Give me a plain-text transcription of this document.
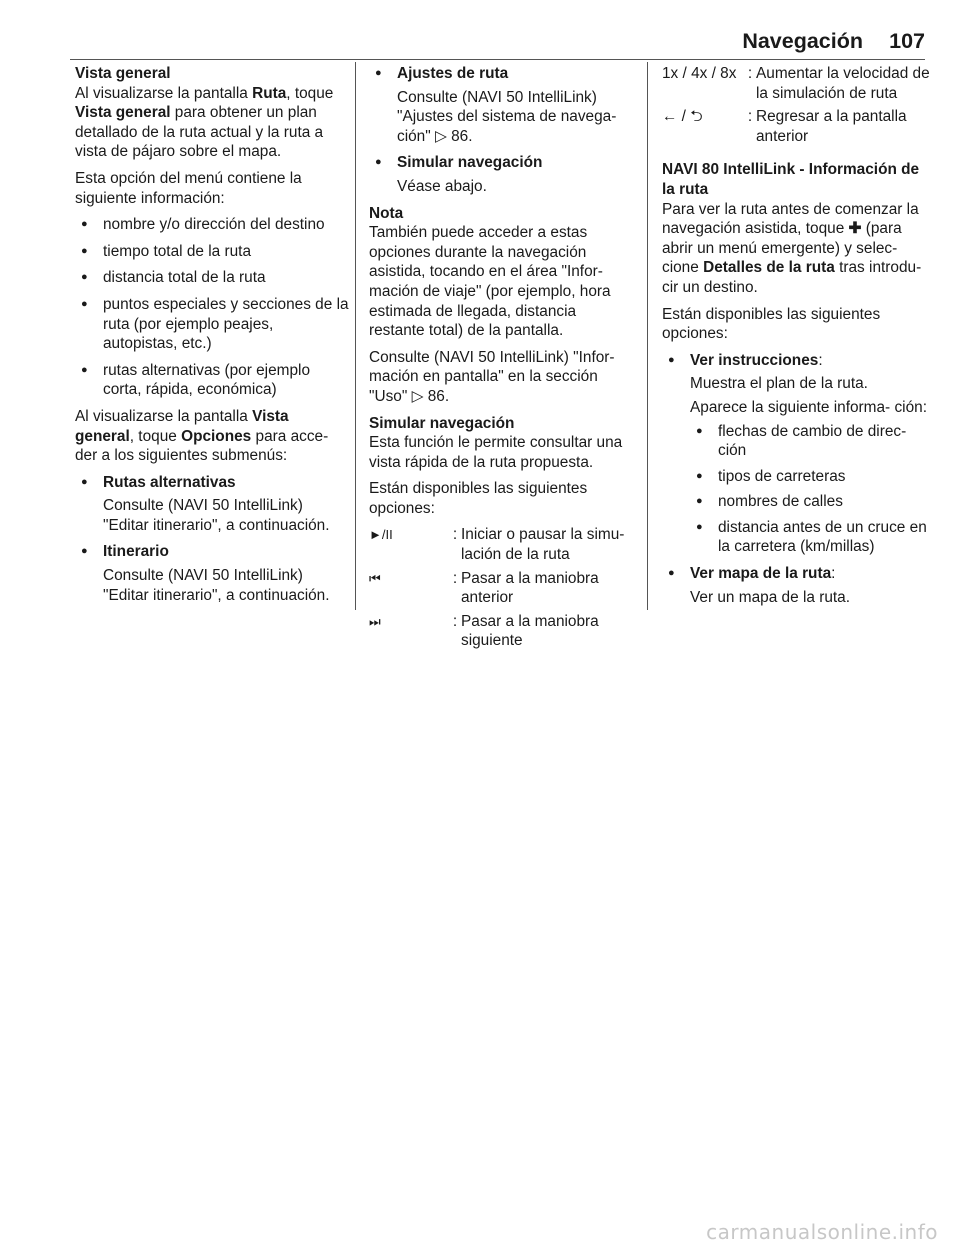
Navegación 107
Vista general

Al visualizarse la pantalla Ruta, toque Vista general para obtener un plan detallado de la ruta actual y la ruta a vista de pájaro sobre el mapa.

Esta opción del menú contiene la siguiente información:

● nombre y/o dirección del destino
● tiempo total de la ruta
● distancia total de la ruta
● puntos especiales y secciones de la ruta (por ejemplo peajes, autopistas, etc.)
● rutas alternativas (por ejemplo corta, rápida, económica)

Al visualizarse la pantalla Vista general, toque Opciones para acce- der a los siguientes submenús:

● Rutas alternativas
Consulte (NAVI 50 IntelliLink) "Editar itinerario", a continuación.
● Itinerario
Consulte (NAVI 50 IntelliLink) "Editar itinerario", a continuación.
● Ajustes de ruta
Consulte (NAVI 50 IntelliLink) "Ajustes del sistema de navega- ción" ▷ 86.
● Simular navegación
Véase abajo.
Nota

También puede acceder a estas opciones durante la navegación asistida, tocando en el área "Infor- mación de viaje" (por ejemplo, hora estimada de llegada, distancia restante total) de la pantalla.

Consulte (NAVI 50 IntelliLink) "Infor- mación en pantalla" en la sección "Uso" ▷ 86.

Simular navegación

Esta función le permite consultar una vista rápida de la ruta propuesta.

Están disponibles las siguientes opciones:

►/II	: Iniciar o pausar la simu- lación de la ruta
⏮	: Pasar a la maniobra anterior
⏭	: Pasar a la maniobra siguiente
1x / 4x / 8x : Aumentar la velocidad de la simulación de ruta
← / ⮌	: Regresar a la pantalla anterior
NAVI 80 IntelliLink - Información de la ruta

Para ver la ruta antes de comenzar la navegación asistida, toque ✚ (para abrir un menú emergente) y selec- cione Detalles de la ruta tras introdu- cir un destino.

Están disponibles las siguientes opciones:

● Ver instrucciones:
Muestra el plan de la ruta.
Aparece la siguiente informa- ción:
● flechas de cambio de direc- ción
● tipos de carreteras
● nombres de calles
● distancia antes de un cruce en la carretera (km/millas)
● Ver mapa de la ruta:
Ver un mapa de la ruta.
carmanualsonline.info
